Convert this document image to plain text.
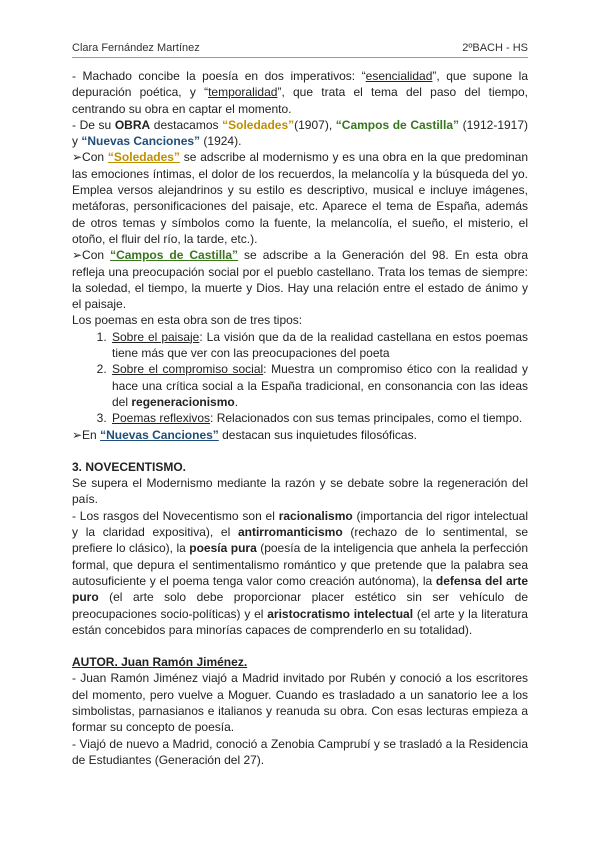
Clara Fernández Martínez	2ºBACH - HS

- Machado concibe la poesía en dos imperativos: “esencialidad”, que supone la depuración poética, y “temporalidad”, que trata el tema del paso del tiempo, centrando su obra en captar el momento.

- De su OBRA destacamos “Soledades”(1907), “Campos de Castilla” (1912-1917) y “Nuevas Canciones” (1924).

➢Con “Soledades” se adscribe al modernismo y es una obra en la que predominan las emociones íntimas, el dolor de los recuerdos, la melancolía y la búsqueda del yo. Emplea versos alejandrinos y su estilo es descriptivo, musical e incluye imágenes, metáforas, personificaciones del paisaje, etc. Aparece el tema de España, además de otros temas y símbolos como la fuente, la melancolía, el sueño, el misterio, el otoño, el fluir del río, la tarde, etc.).

➢Con “Campos de Castilla” se adscribe a la Generación del 98. En esta obra refleja una preocupación social por el pueblo castellano. Trata los temas de siempre: la soledad, el tiempo, la muerte y Dios. Hay una relación entre el estado de ánimo y el paisaje.

Los poemas en esta obra son de tres tipos:

1. Sobre el paisaje: La visión que da de la realidad castellana en estos poemas tiene más que ver con las preocupaciones del poeta
2. Sobre el compromiso social: Muestra un compromiso ético con la realidad y hace una crítica social a la España tradicional, en consonancia con las ideas del regeneracionismo.
3. Poemas reflexivos: Relacionados con sus temas principales, como el tiempo.

➢En “Nuevas Canciones” destacan sus inquietudes filosóficas.

3. NOVECENTISMO.

Se supera el Modernismo mediante la razón y se debate sobre la regeneración del país.

- Los rasgos del Novecentismo son el racionalismo (importancia del rigor intelectual y la claridad expositiva), el antirromanticismo (rechazo de lo sentimental, se prefiere lo clásico), la poesía pura (poesía de la inteligencia que anhela la perfección formal, que depura el sentimentalismo romántico y que pretende que la palabra sea autosuficiente y el poema tenga valor como creación autónoma), la defensa del arte puro (el arte solo debe proporcionar placer estético sin ser vehículo de preocupaciones socio-políticas) y el aristocratismo intelectual (el arte y la literatura están concebidos para minorías capaces de comprenderlo en su totalidad).

AUTOR. Juan Ramón Jiménez.

- Juan Ramón Jiménez viajó a Madrid invitado por Rubén y conoció a los escritores del momento, pero vuelve a Moguer. Cuando es trasladado a un sanatorio lee a los simbolistas, parnasianos e italianos y reanuda su obra. Con esas lecturas empieza a formar su concepto de poesía.

- Viajó de nuevo a Madrid, conoció a Zenobia Camprubí y se trasladó a la Residencia de Estudiantes (Generación del 27).
